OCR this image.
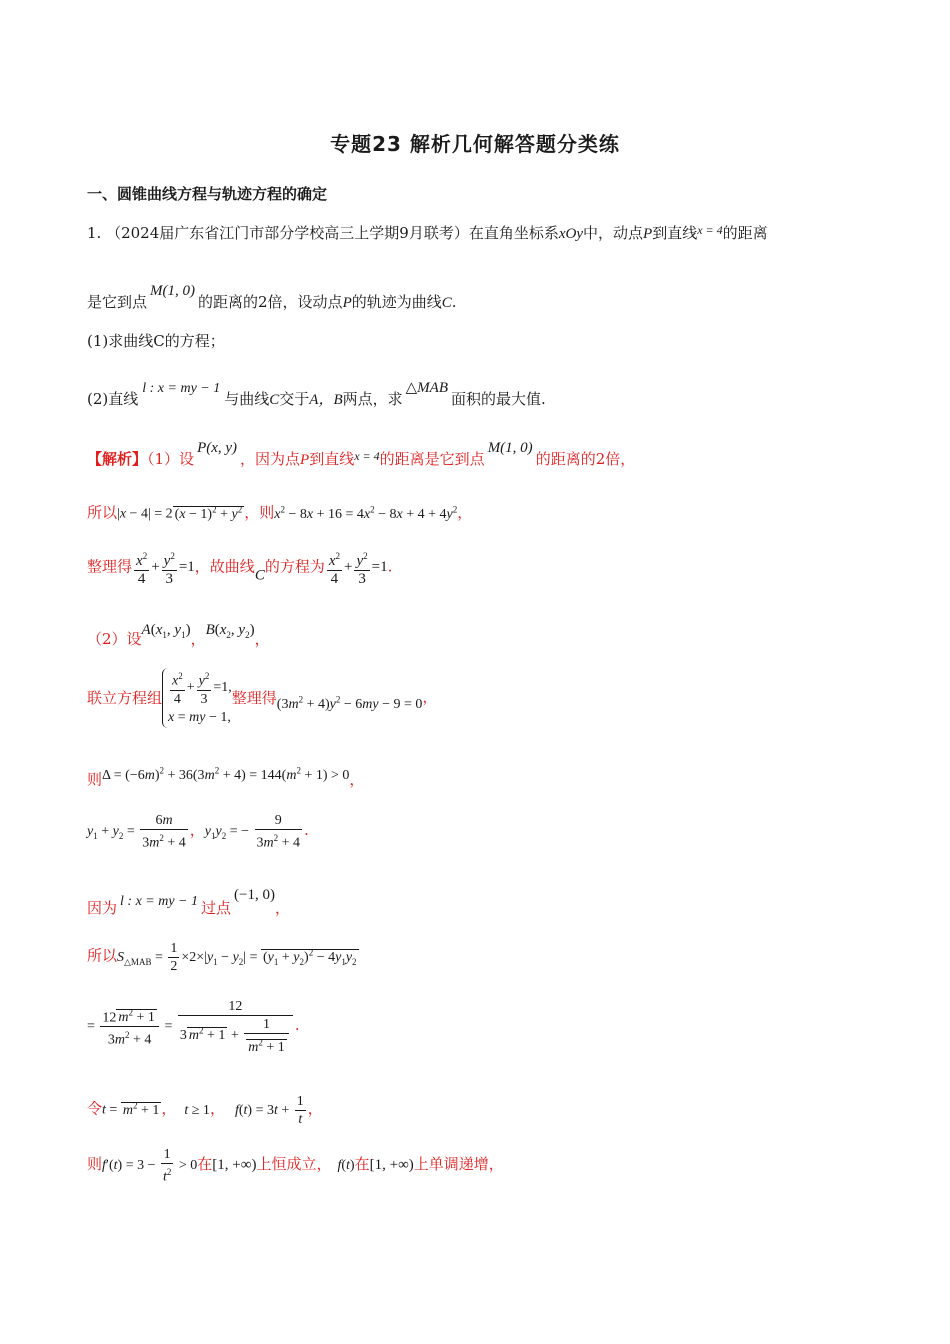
专题23 解析几何解答题分类练
一、圆锥曲线方程与轨迹方程的确定
1. （2024届广东省江门市部分学校高三上学期9月联考）在直角坐标系xOy中，动点P到直线$^{x = 4}$的距离
是它到点M(1, 0)的距离的2倍，设动点P的轨迹为曲线C.
(1)求曲线C的方程；
(2)直线l : x = my − 1与曲线C交于A，B两点，求△MAB面积的最大值.
【解析】（1）设P(x, y)，因为点P到直线$^{x = 4}$的距离是它到点M(1, 0)的距离的2倍，
所以|x − 4| = 2 $(x - 1)^2 + y^2$ ，则$x^2 - 8x + 16 = 4x^2 - 8x + 4 + 4y^2$，
整理得 $\frac{x^2}{4} + \frac{y^2}{3} =1$，故曲线C的方程为 $\frac{x^2}{4} + \frac{y^2}{3} =1$.
（2）设$A(x_1$, $y_1$)，$B(x_2$, $y_2$)，
联立方程组 $\frac{x^2}{4} + \frac{y^2}{3} =1$,
x = my − 1,
整理得$(3m^2 + 4)y^2 - 6my - 9 = 0$，
则$\Delta = (-6m)^2 + 36(3m^2 + 4) = 144(m^2 + 1) > 0$，
$y_1 + y_2 = \frac{6m}{3m^2 + 4}$ ，$y_1y_2$ = − $\frac{9}{3m^2 + 4}$ .
因为 l : x = my − 1 过点(−1, 0)，
所以$S_{\triangle MAB} = \frac{1}{2} \times 2\times|y_1 - y_2| = (y_1 + y_2)^2 - 4y_1y_2$
= $\frac{12 m^2 + 1}{3m^2 + 4} = \frac{12}{3 m^2 + 1 + \frac{1}{m^2 + 1}}$ .
令$t = m^2 + 1$ ， t ≥ 1， $f(t) = 3t + \frac{1}{t}$ ，
则$f'(t) = 3 - \frac{1}{t^2} > 0$在[1, +∞)上恒成立， f(t)在[1, +∞)上单调递增，
